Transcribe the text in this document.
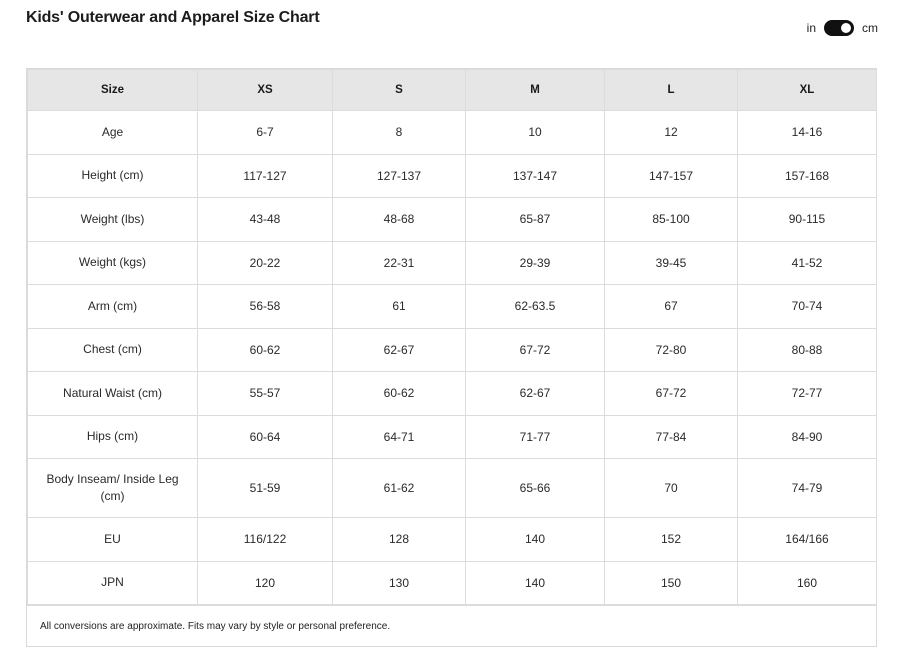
Kids' Outerwear and Apparel Size Chart
in	cm
Size	XS	S	M	L	XL
Age	6-7	8	10	12	14-16
Height (cm)	117-127	127-137	137-147	147-157	157-168
Weight (lbs)	43-48	48-68	65-87	85-100	90-115
Weight (kgs)	20-22	22-31	29-39	39-45	41-52
Arm (cm)	56-58	61	62-63.5	67	70-74
Chest (cm)	60-62	62-67	67-72	72-80	80-88
Natural Waist (cm)	55-57	60-62	62-67	67-72	72-77
Hips (cm)	60-64	64-71	71-77	77-84	84-90
Body Inseam/ Inside Leg (cm)	51-59	61-62	65-66	70	74-79
EU	116/122	128	140	152	164/166
JPN	120	130	140	150	160
All conversions are approximate. Fits may vary by style or personal preference.
